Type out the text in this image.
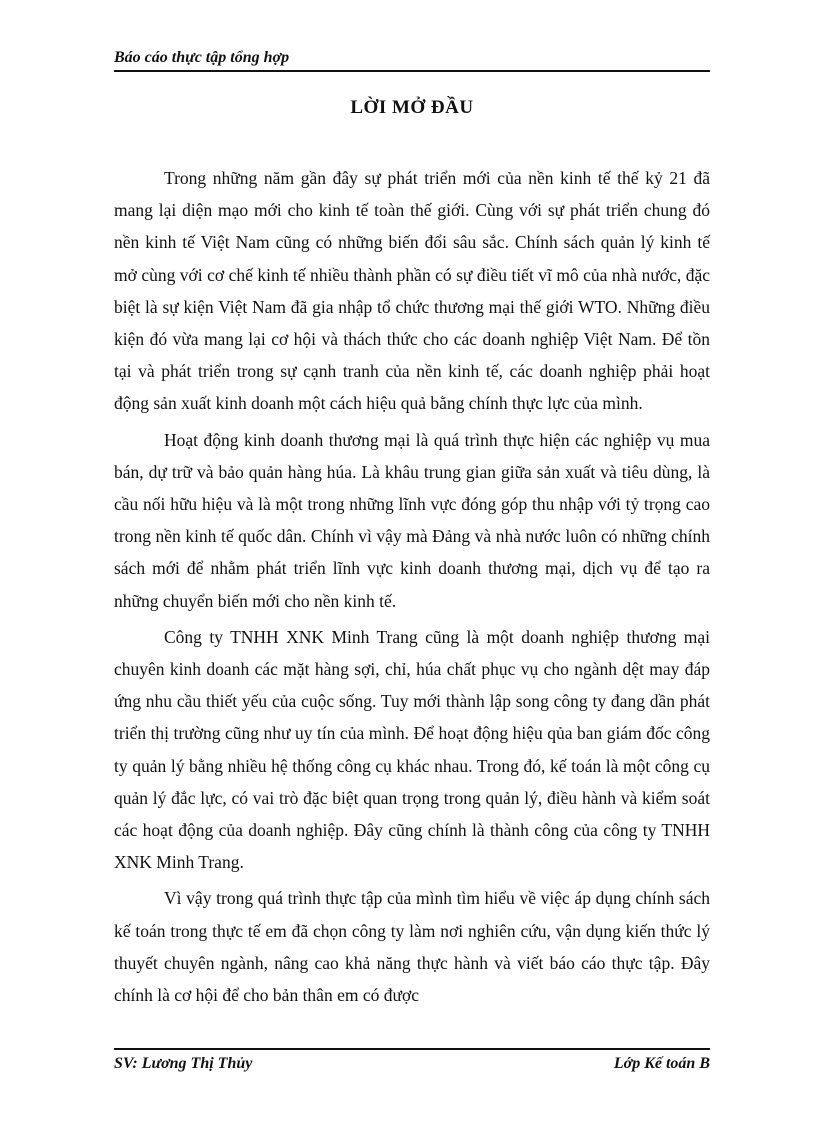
Báo cáo thực tập tổng hợp
LỜI MỞ ĐẦU

Trong những năm gần đây sự phát triển mới của nền kinh tế thế kỷ 21 đã mang lại diện mạo mới cho kinh tế toàn thế giới. Cùng với sự phát triển chung đó nền kinh tế Việt Nam cũng có những biến đổi sâu sắc. Chính sách quản lý kinh tế mở cùng với cơ chế kinh tế nhiều thành phần có sự điều tiết vĩ mô của nhà nước, đặc biệt là sự kiện Việt Nam đã gia nhập tổ chức thương mại thế giới WTO. Những điều kiện đó vừa mang lại cơ hội và thách thức cho các doanh nghiệp Việt Nam. Để tồn tại và phát triển trong sự cạnh tranh của nền kinh tế, các doanh nghiệp phải hoạt động sản xuất kinh doanh một cách hiệu quả bằng chính thực lực của mình.

Hoạt động kinh doanh thương mại là quá trình thực hiện các nghiệp vụ mua bán, dự trữ và bảo quản hàng húa. Là khâu trung gian giữa sản xuất và tiêu dùng, là cầu nối hữu hiệu và là một trong những lĩnh vực đóng góp thu nhập với tỷ trọng cao trong nền kinh tế quốc dân. Chính vì vậy mà Đảng và nhà nước luôn có những chính sách mới để nhằm phát triển lĩnh vực kinh doanh thương mại, dịch vụ để tạo ra những chuyển biến mới cho nền kinh tế.

Công ty TNHH XNK Minh Trang cũng là một doanh nghiệp thương mại chuyên kinh doanh các mặt hàng sợi, chỉ, húa chất phục vụ cho ngành dệt may đáp ứng nhu cầu thiết yếu của cuộc sống. Tuy mới thành lập song công ty đang dần phát triển thị trường cũng như uy tín của mình. Để hoạt động hiệu qủa ban giám đốc công ty quản lý bằng nhiều hệ thống công cụ khác nhau. Trong đó, kế toán là một công cụ quản lý đắc lực, có vai trò đặc biệt quan trọng trong quản lý, điều hành và kiểm soát các hoạt động của doanh nghiệp. Đây cũng chính là thành công của công ty TNHH XNK Minh Trang.

Vì vậy trong quá trình thực tập của mình tìm hiểu về việc áp dụng chính sách kế toán trong thực tế em đã chọn công ty làm nơi nghiên cứu, vận dụng kiến thức lý thuyết chuyên ngành, nâng cao khả năng thực hành và viết báo cáo thực tập. Đây chính là cơ hội để cho bản thân em có được

SV: Lương Thị Thủy	Lớp Kế toán B
